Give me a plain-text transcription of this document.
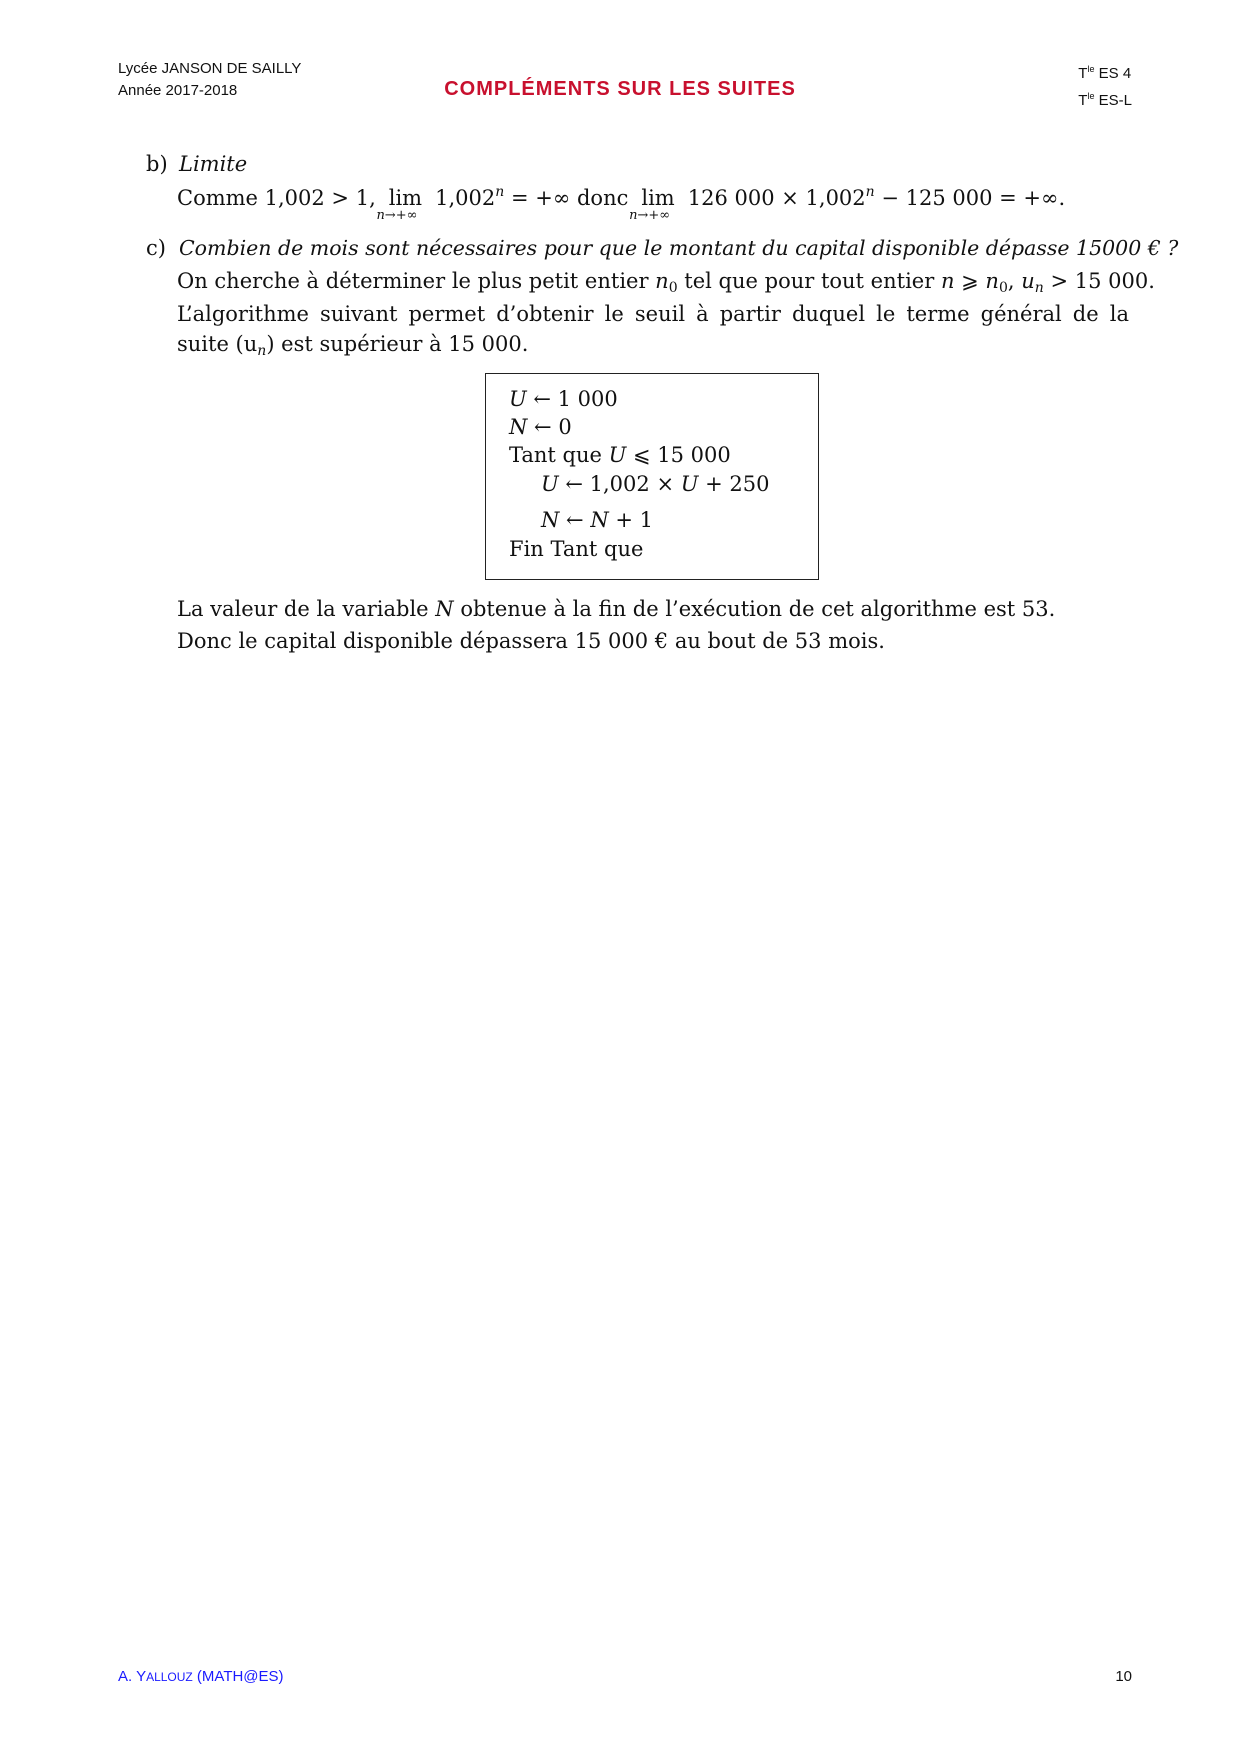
Lycée JANSON DE SAILLY
Année 2017-2018	COMPLÉMENTS SUR LES SUITES
$T^{le}$ ES 4
$T^{le}$ ES-L
b) Limite
Comme 1,002 > 1, lim
n→+∞
$1,002^n$ = +∞ donc lim
n→+∞
126 $000 \times 1,002^n - 125$ 000 = +∞.
c) Combien de mois sont nécessaires pour que le montant du capital disponible dépasse 15000 € ?
On cherche à déterminer le plus petit entier $n_0$ tel que pour tout entier n ⩾ $n_0$, $u_n > 15$ 000.
L’algorithme suivant permet d’obtenir le seuil à partir duquel le terme général de la suite $(u_n)$ est supérieur à 15 000.
U ← 1 000
N ← 0
Tant que U ⩽ 15 000
U ← 1,002 × U + 250
N ← N + 1
Fin Tant que
La valeur de la variable N obtenue à la fin de l’exécution de cet algorithme est 53.
Donc le capital disponible dépassera 15 000 € au bout de 53 mois.
A. YALLOUZ (MATH@ES)	10
